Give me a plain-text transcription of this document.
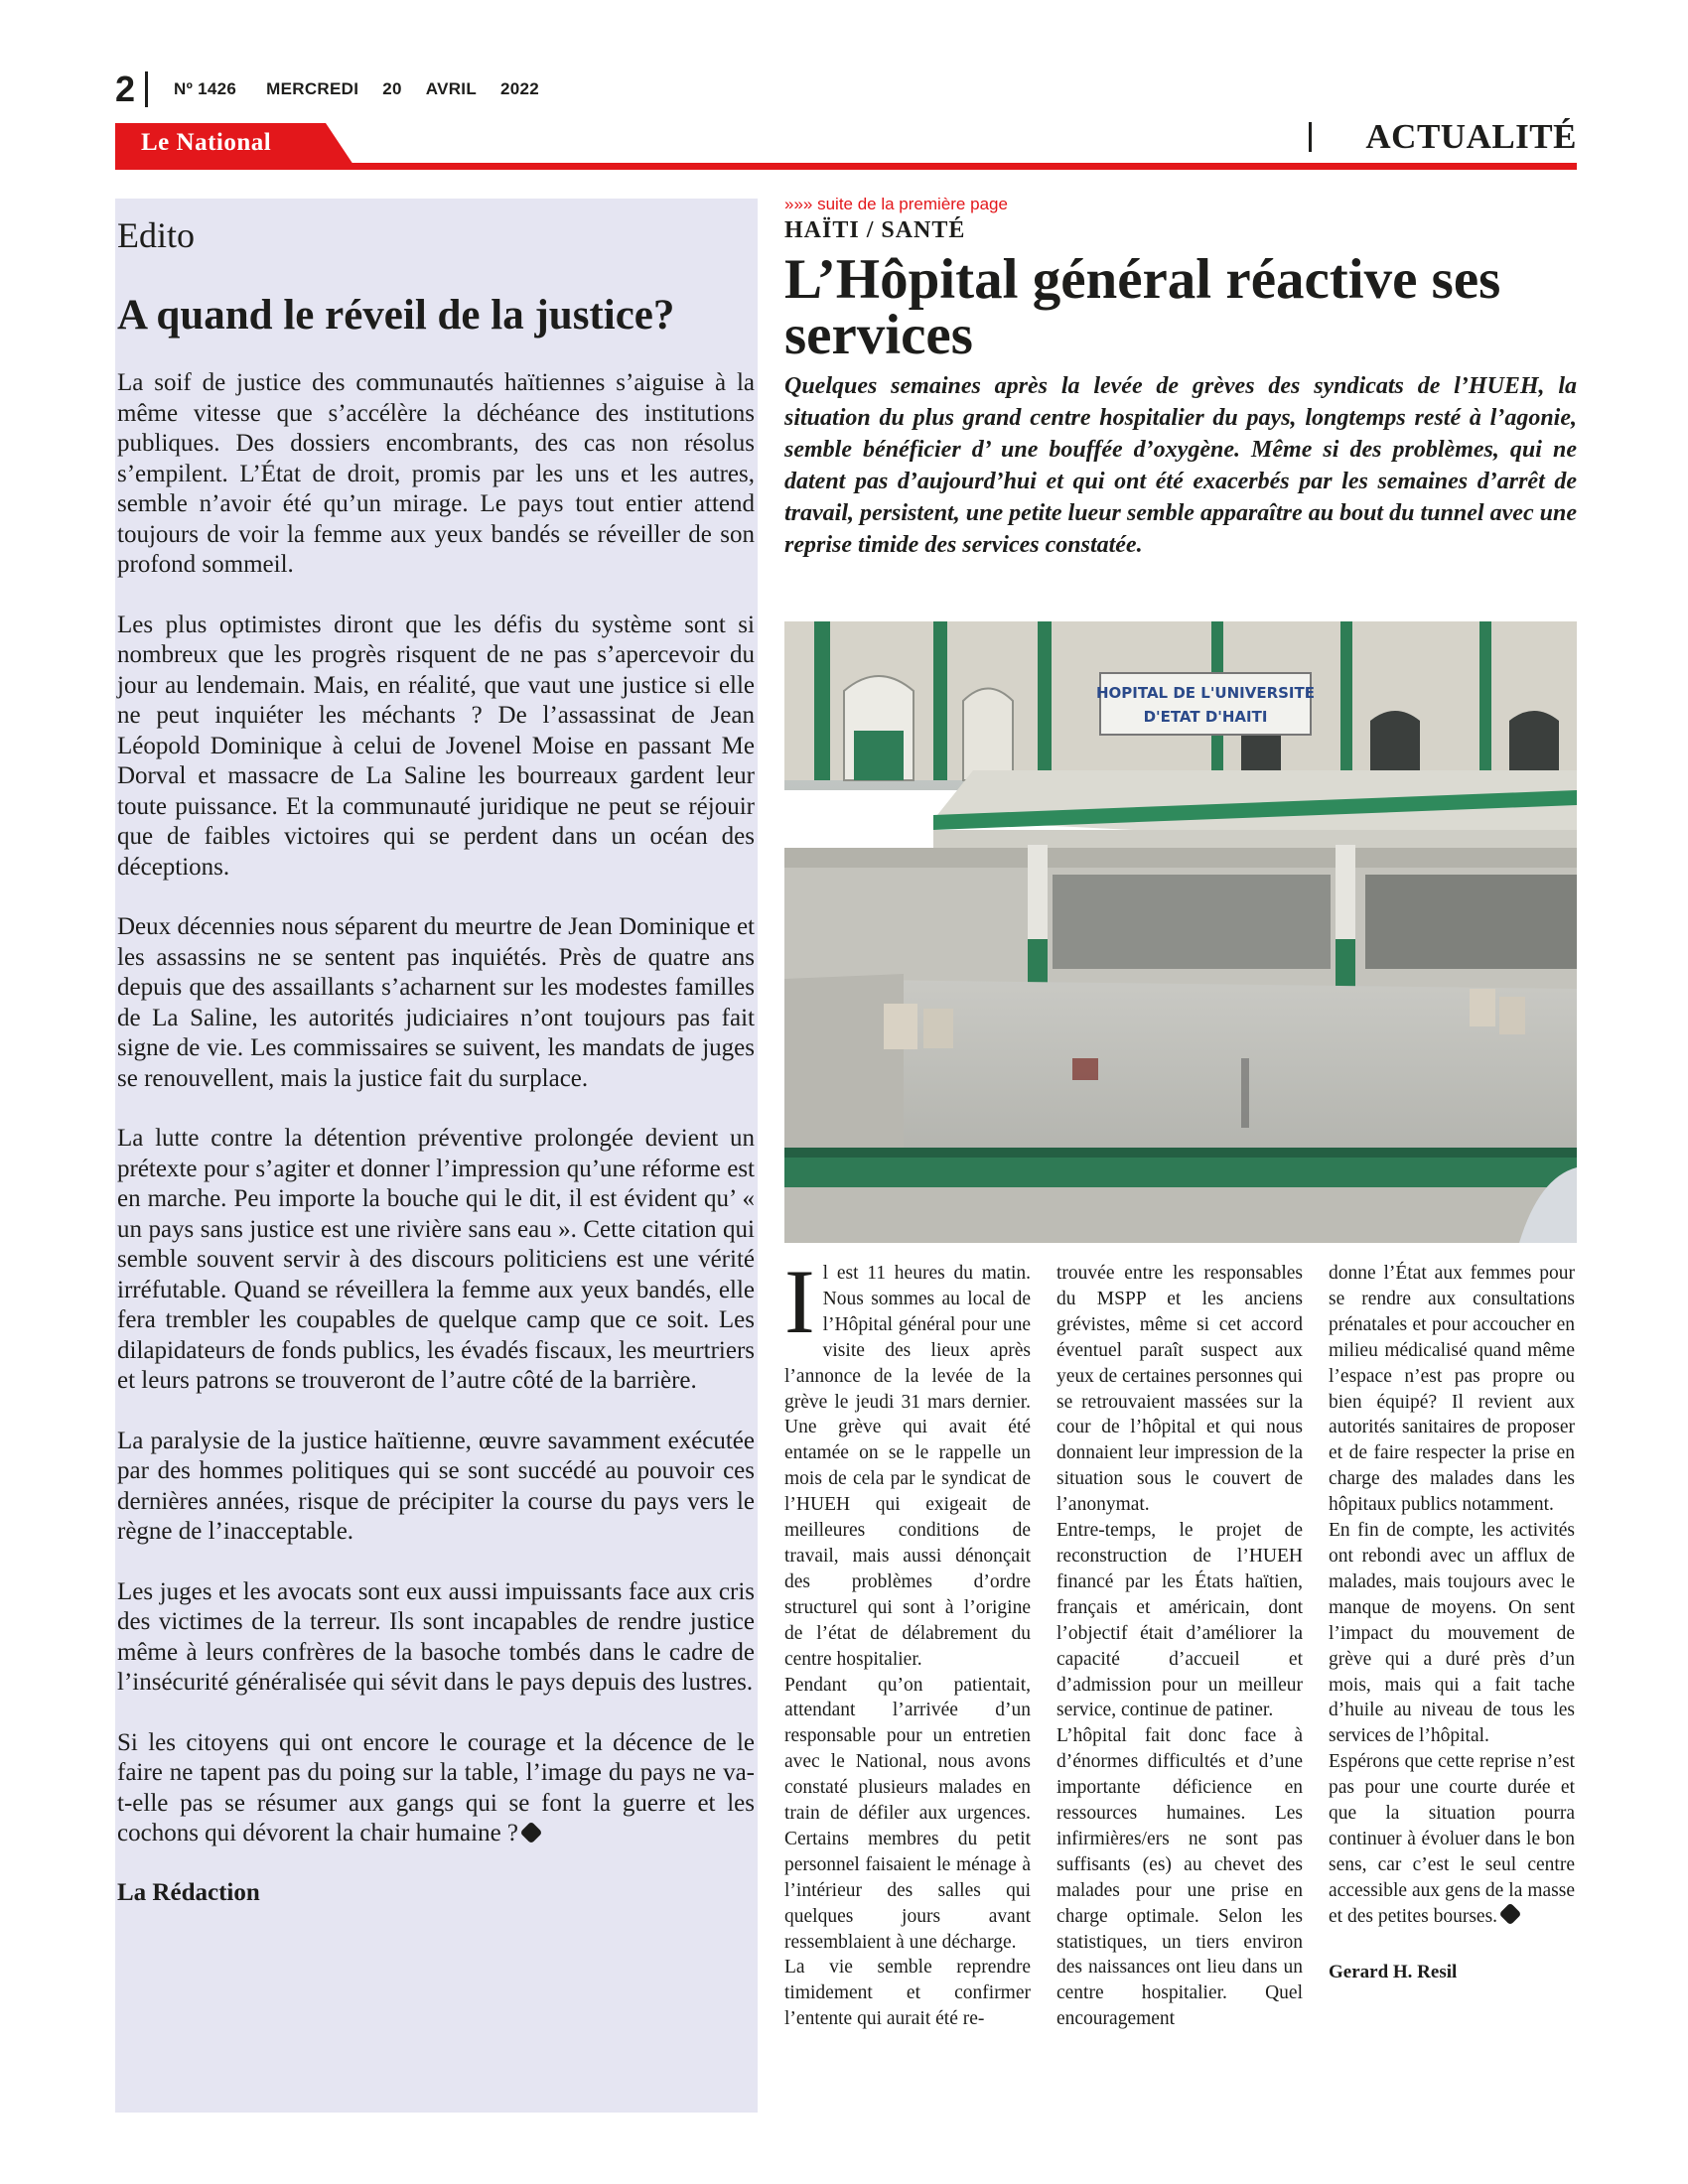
2 Nº 1426 MERCREDI 20 AVRIL 2022
Le National	ACTUALITÉ
Edito
A quand le réveil de la justice?

La soif de justice des communautés haïtiennes s’aiguise à la même vitesse que s’accélère la déchéance des institutions publiques. Des dossiers encombrants, des cas non résolus s’empilent. L’État de droit, promis par les uns et les autres, semble n’avoir été qu’un mirage. Le pays tout entier attend toujours de voir la femme aux yeux bandés se réveiller de son profond sommeil.

Les plus optimistes diront que les défis du système sont si nombreux que les progrès risquent de ne pas s’apercevoir du jour au lendemain. Mais, en réalité, que vaut une justice si elle ne peut inquiéter les méchants ? De l’assassinat de Jean Léopold Dominique à celui de Jovenel Moise en passant Me Dorval et massacre de La Saline les bourreaux gardent leur toute puissance. Et la communauté juridique ne peut se réjouir que de faibles victoires qui se perdent dans un océan des déceptions.

Deux décennies nous séparent du meurtre de Jean Dominique et les assassins ne se sentent pas inquiétés. Près de quatre ans depuis que des assaillants s’acharnent sur les modestes familles de La Saline, les autorités judiciaires n’ont toujours pas fait signe de vie. Les commissaires se suivent, les mandats de juges se renouvellent, mais la justice fait du surplace.

La lutte contre la détention préventive prolongée devient un prétexte pour s’agiter et donner l’impression qu’une réforme est en marche. Peu importe la bouche qui le dit, il est évident qu’ « un pays sans justice est une rivière sans eau ». Cette citation qui semble souvent servir à des discours politiciens est une vérité irréfutable. Quand se réveillera la femme aux yeux bandés, elle fera trembler les coupables de quelque camp que ce soit. Les dilapidateurs de fonds publics, les évadés fiscaux, les meurtriers et leurs patrons se trouveront de l’autre côté de la barrière.

La paralysie de la justice haïtienne, œuvre savamment exécutée par des hommes politiques qui se sont succédé au pouvoir ces dernières années, risque de précipiter la course du pays vers le règne de l’inacceptable.

Les juges et les avocats sont eux aussi impuissants face aux cris des victimes de la terreur. Ils sont incapables de rendre justice même à leurs confrères de la basoche tombés dans le cadre de l’insécurité généralisée qui sévit dans le pays depuis des lustres.

Si les citoyens qui ont encore le courage et la décence de le faire ne tapent pas du poing sur la table, l’image du pays ne va-t-elle pas se résumer aux gangs qui se font la guerre et les cochons qui dévorent la chair humaine ?

La Rédaction
»»» suite de la première page
HAÏTI / SANTÉ
L’Hôpital général réactive ses services
Quelques semaines après la levée de grèves des syndicats de l’HUEH, la situation du plus grand centre hospitalier du pays, longtemps resté à l’agonie, semble bénéficier d’ une bouffée d’oxygène. Même si des problèmes, qui ne datent pas d’aujourd’hui et qui ont été exacerbés par les semaines d’arrêt de travail, persistent, une petite lueur semble apparaître au bout du tunnel avec une reprise timide des services constatée.
HOPITAL DE L'UNIVERSITE
D'ETAT D'HAITI

Il est 11 heures du matin. Nous sommes au local de l’Hôpital général pour une visite des lieux après l’annonce de la levée de la grève le jeudi 31 mars dernier. Une grève qui avait été entamée on se le rappelle un mois de cela par le syndicat de l’HUEH qui exigeait de meilleures conditions de travail, mais aussi dénonçait des problèmes d’ordre structurel qui sont à l’origine de l’état de délabrement du centre hospitalier.

Pendant qu’on patientait, attendant l’arrivée d’un responsable pour un entretien avec le National, nous avons constaté plusieurs malades en train de défiler aux urgences. Certains membres du petit personnel faisaient le ménage à l’intérieur des salles qui quelques jours avant ressemblaient à une décharge.

La vie semble reprendre timidement et confirmer l’entente qui aurait été re-

trouvée entre les responsables du MSPP et les anciens grévistes, même si cet accord éventuel paraît suspect aux yeux de certaines personnes qui se retrouvaient massées sur la cour de l’hôpital et qui nous donnaient leur impression de la situation sous le couvert de l’anonymat.

Entre-temps, le projet de reconstruction de l’HUEH financé par les États haïtien, français et américain, dont l’objectif était d’améliorer la capacité d’accueil et d’admission pour un meilleur service, continue de patiner.

L’hôpital fait donc face à d’énormes difficultés et d’une importante déficience en ressources humaines. Les infirmières/ers ne sont pas suffisants (es) au chevet des malades pour une prise en charge optimale. Selon les statistiques, un tiers environ des naissances ont lieu dans un centre hospitalier. Quel encouragement

donne l’État aux femmes pour se rendre aux consultations prénatales et pour accoucher en milieu médicalisé quand même l’espace n’est pas propre ou bien équipé? Il revient aux autorités sanitaires de proposer et de faire respecter la prise en charge des malades dans les hôpitaux publics notamment.

En fin de compte, les activités ont rebondi avec un afflux de malades, mais toujours avec le manque de moyens. On sent l’impact du mouvement de grève qui a duré près d’un mois, mais qui a fait tache d’huile au niveau de tous les services de l’hôpital.

Espérons que cette reprise n’est pas pour une courte durée et que la situation pourra continuer à évoluer dans le bon sens, car c’est le seul centre accessible aux gens de la masse et des petites bourses.

Gerard H. Resil
